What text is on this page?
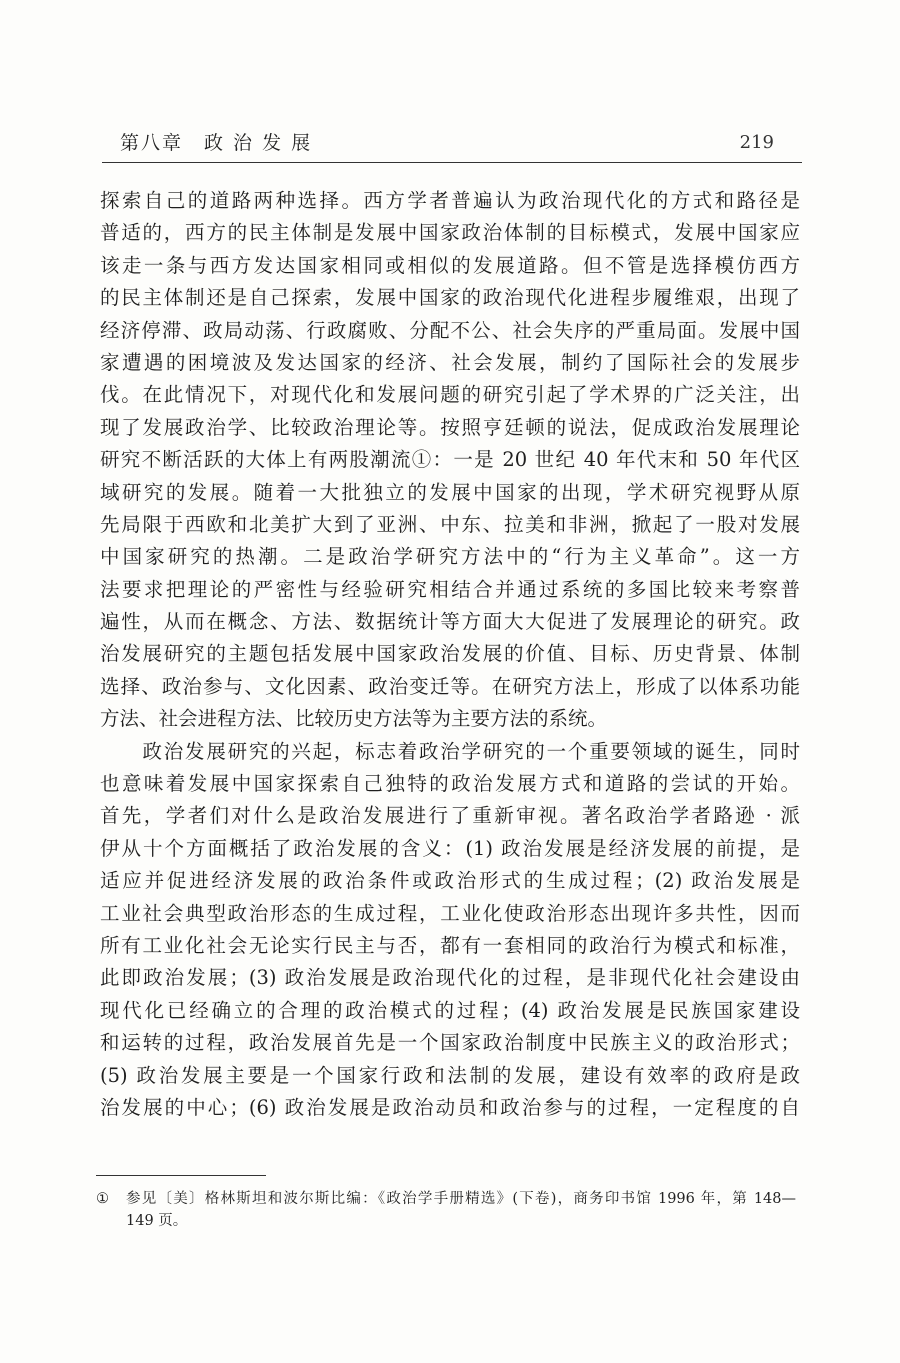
第八章　政 治 发 展	219
探索自己的道路两种选择。西方学者普遍认为政治现代化的方式和路径是
普适的，西方的民主体制是发展中国家政治体制的目标模式，发展中国家应
该走一条与西方发达国家相同或相似的发展道路。但不管是选择模仿西方
的民主体制还是自己探索，发展中国家的政治现代化进程步履维艰，出现了
经济停滞、政局动荡、行政腐败、分配不公、社会失序的严重局面。发展中国
家遭遇的困境波及发达国家的经济、社会发展，制约了国际社会的发展步
伐。在此情况下，对现代化和发展问题的研究引起了学术界的广泛关注，出
现了发展政治学、比较政治理论等。按照亨廷顿的说法，促成政治发展理论
研究不断活跃的大体上有两股潮流①：一是 20 世纪 40 年代末和 50 年代区
域研究的发展。随着一大批独立的发展中国家的出现，学术研究视野从原
先局限于西欧和北美扩大到了亚洲、中东、拉美和非洲，掀起了一股对发展
中国家研究的热潮。二是政治学研究方法中的“行为主义革命”。这一方
法要求把理论的严密性与经验研究相结合并通过系统的多国比较来考察普
遍性，从而在概念、方法、数据统计等方面大大促进了发展理论的研究。政
治发展研究的主题包括发展中国家政治发展的价值、目标、历史背景、体制
选择、政治参与、文化因素、政治变迁等。在研究方法上，形成了以体系功能
方法、社会进程方法、比较历史方法等为主要方法的系统。
　　政治发展研究的兴起，标志着政治学研究的一个重要领域的诞生，同时
也意味着发展中国家探索自己独特的政治发展方式和道路的尝试的开始。
首先，学者们对什么是政治发展进行了重新审视。著名政治学者路逊 · 派
伊从十个方面概括了政治发展的含义：(1) 政治发展是经济发展的前提，是
适应并促进经济发展的政治条件或政治形式的生成过程；(2) 政治发展是
工业社会典型政治形态的生成过程，工业化使政治形态出现许多共性，因而
所有工业化社会无论实行民主与否，都有一套相同的政治行为模式和标准，
此即政治发展；(3) 政治发展是政治现代化的过程，是非现代化社会建设由
现代化已经确立的合理的政治模式的过程；(4) 政治发展是民族国家建设
和运转的过程，政治发展首先是一个国家政治制度中民族主义的政治形式；
(5) 政治发展主要是一个国家行政和法制的发展，建设有效率的政府是政
治发展的中心；(6) 政治发展是政治动员和政治参与的过程，一定程度的自
① 参见〔美〕格林斯坦和波尔斯比编：《政治学手册精选》(下卷)，商务印书馆 1996 年，第 148—
149 页。
